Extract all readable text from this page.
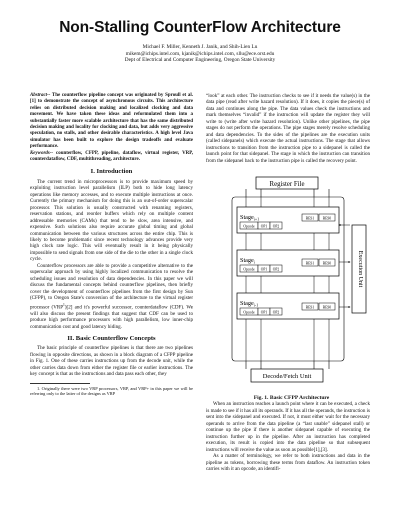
Non-Stalling CounterFlow Architecture
Michael F. Miller, Kenneth J. Janik, and Shih-Lien Lu
mikem@ichips.intel.com, kjanik@ichips.intel.com, sllu@ece.orst.edu
Dept of Electrical and Computer Engineering, Oregon State University

Abstract-- The counterflow pipeline concept was originated by Sproull et al.[1] to demonstrate the concept of asynchronous circuits. This architecture relies on distributed decision making and localized clocking and data movement. We have taken these ideas and reformulated them into a substantially faster more scalable architecture that has the same distributed decision making and locality for clocking and data, but adds very aggressive speculation, no stalls, and other desirable characteristics. A high level Java simulator has been built to explore the design tradeoffs and evaluate performance.

Keywords-- counterflow, CFPP, pipeline, dataflow, virtual register, VRP, counterdataflow, CDF, multithreading, architecture.

I. Introduction

The current trend in microprocessors is to provide maximum speed by exploiting instruction level parallelism (ILP) both to hide long latency operations like memory accesses, and to execute multiple instructions at once. Currently the primary mechanism for doing this is an out-of-order superscalar processor. This solution is usually constructed with renaming registers, reservation stations, and reorder buffers which rely on multiple content addressable memories (CAMs) that tend to be slow, area intensive, and expensive. Such solutions also require accurate global timing and global communication between the various structures across the entire chip. This is likely to become problematic since recent technology advances provide very high clock rate logic. This will eventually result in it being physically impossible to send signals from one side of the die to the other in a single clock cycle.

Counterflow processors are able to provide a competitive alternative to the superscalar approach by using highly localized communication to resolve the scheduling issues and resolution of data dependencies. In this paper we will discuss the fundamental concepts behind counterflow pipelines, then briefly cover the development of counterflow pipelines from the first design by Sun (CFPP), to Oregon State's conversion of the architecture to the virtual register processor (VRP$^1$)[2] and it's powerful successor, counterdataflow (CDF). We will also discuss the present findings that suggest that CDF can be used to produce high performance processors with high parallelism, low inner-chip communication cost and good latency hiding.

II. Basic Counterflow Concepts

The basic principle of counterflow pipelines is that there are two pipelines flowing in opposite directions, as shown in a block diagram of a CFPP pipeline in Fig. 1. One of these carries instructions up from the decode unit, while the other carries data down from either the register file or earlier instructions. The key concept is that as the instructions and data pass each other, they

1. Originally there were two VRP processors, VRP, and VRP+ in this paper we will be referring only to the latter of the designs as VRP

“look” at each other. The instruction checks to see if it needs the value(s) in the data pipe (read after write hazard resolution). If it does, it copies the piece(s) of data and continues along the pipe. The data values check the instructions and mark themselves “invalid” if the instruction will update the register they will write to (write after write hazard resolution). Unlike other pipelines, the pipe stages do not perform the operations. The pipe stages merely resolve scheduling and data dependencies. To the sides of the pipelines are the execution units (called sidepanels) which execute the actual instructions. The stage that allows instructions to transition from the instruction pipe to a sidepanel is called the launch point for that sidepanel. The stage in which the instruction can transition from the sidepanel back to the instruction pipe is called the recovery point.

Register File
Stage$_{i+1}$
Opcode OP1 OP2
RES1 RES0
Stage$_i$
Opcode OP1 OP2
RES1 RES0
Stage$_{i-1}$
Opcode OP1 OP2
RES1 RES0
Execution Unit
Decode/Fetch Unit

Fig. 1. Basic CFPP Architecture

When an instruction reaches a launch point where it can be executed, a check is made to see if it has all its operands. If it has all the operands, the instruction is sent into the sidepanel and executed. If not, it must either wait for the necessary operands to arrive from the data pipeline (a “last unable” sidepanel stall) or continue up the pipe if there is another sidepanel capable of executing the instruction further up in the pipeline. After an instruction has completed execution, its result is copied into the data pipeline so that subsequent instructions will receive the value as soon as possible[1],[3].

As a matter of terminology, we refer to both instructions and data in the pipeline as tokens, borrowing these terms from dataflow. An instruction token carries with it an opcode, an identifi-
